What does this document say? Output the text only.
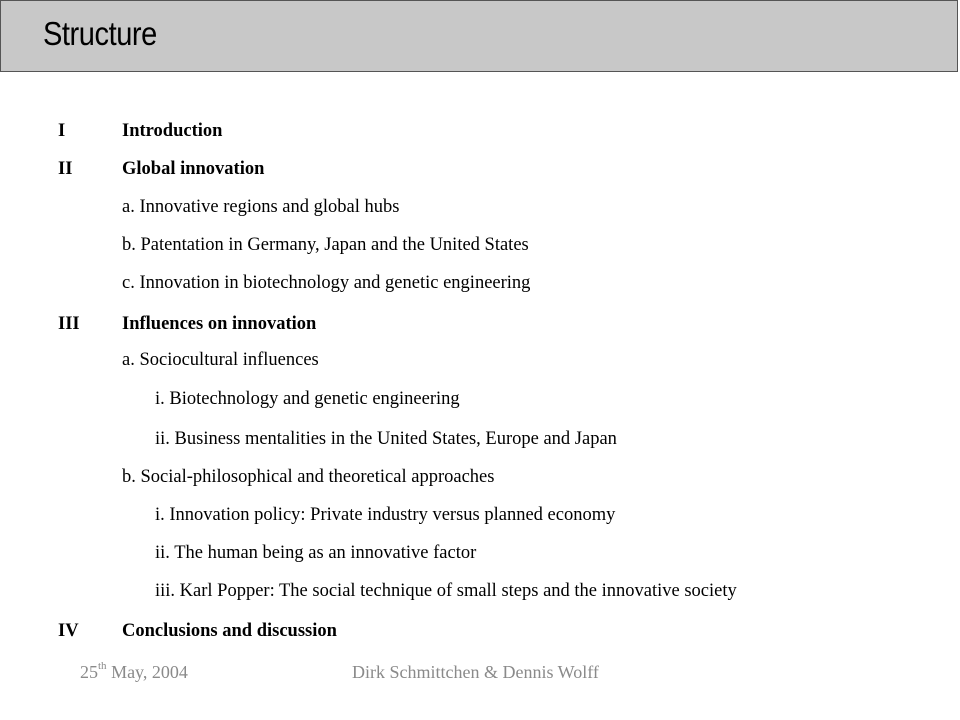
Structure
I	Introduction
II	Global innovation
a. Innovative regions and global hubs
b. Patentation in Germany, Japan and the United States
c. Innovation in biotechnology and genetic engineering
III Influences on innovation
a. Sociocultural influences
i. Biotechnology and genetic engineering
ii. Business mentalities in the United States, Europe and Japan
b. Social-philosophical and theoretical approaches
i. Innovation policy: Private industry versus planned economy
ii. The human being as an innovative factor
iii. Karl Popper: The social technique of small steps and the innovative society
IV Conclusions and discussion
25th May, 2004	Dirk Schmittchen & Dennis Wolff
